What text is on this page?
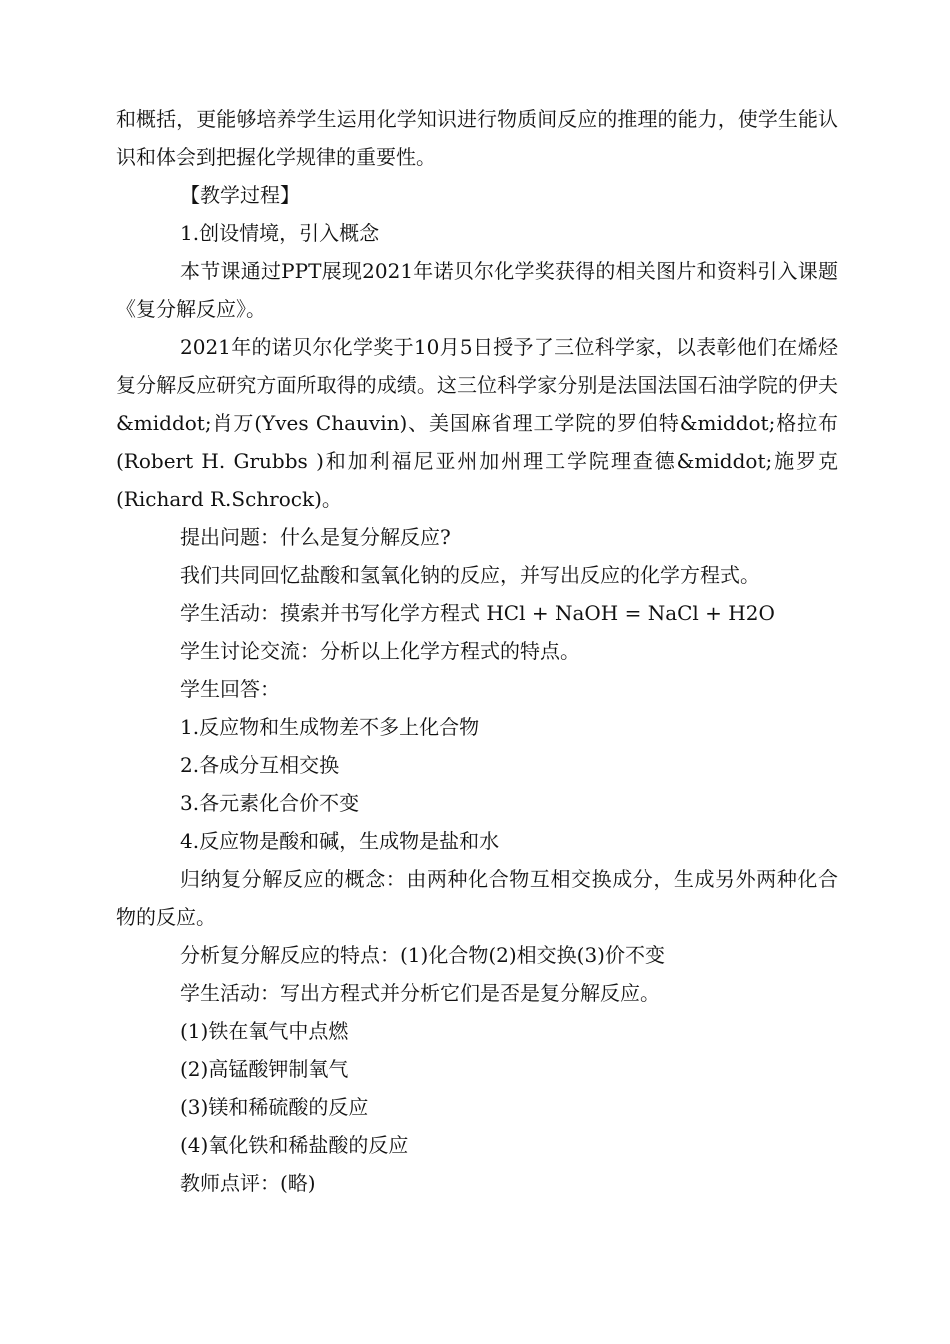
和概括，更能够培养学生运用化学知识进行物质间反应的推理的能力，使学生能认识和体会到把握化学规律的重要性。

【教学过程】

1.创设情境，引入概念

本节课通过PPT展现2021年诺贝尔化学奖获得的相关图片和资料引入课题《复分解反应》。

2021年的诺贝尔化学奖于10月5日授予了三位科学家，以表彰他们在烯烃复分解反应研究方面所取得的成绩。这三位科学家分别是法国法国石油学院的伊夫&middot;肖万(Yves Chauvin)、美国麻省理工学院的罗伯特&middot;格拉布(Robert H. Grubbs )和加利福尼亚州加州理工学院理查德&middot;施罗克(Richard R.Schrock)。

提出问题：什么是复分解反应?

我们共同回忆盐酸和氢氧化钠的反应，并写出反应的化学方程式。

学生活动：摸索并书写化学方程式 HCl + NaOH = NaCl + H2O

学生讨论交流：分析以上化学方程式的特点。

学生回答：

1.反应物和生成物差不多上化合物

2.各成分互相交换

3.各元素化合价不变

4.反应物是酸和碱，生成物是盐和水

归纳复分解反应的概念：由两种化合物互相交换成分，生成另外两种化合物的反应。

分析复分解反应的特点：(1)化合物(2)相交换(3)价不变

学生活动：写出方程式并分析它们是否是复分解反应。

(1)铁在氧气中点燃

(2)高锰酸钾制氧气

(3)镁和稀硫酸的反应

(4)氧化铁和稀盐酸的反应

教师点评：(略)
